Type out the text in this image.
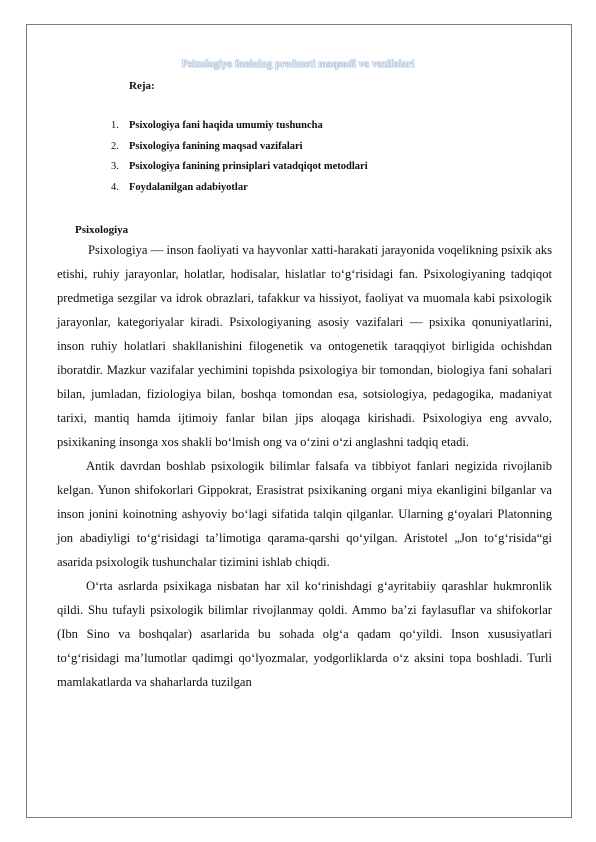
Psixologiya fanining predmeti maqsadi va vazifalari
Reja:
1. Psixologiya fani haqida umumiy tushuncha
2. Psixologiya fanining maqsad vazifalari
3. Psixologiya fanining prinsiplari vatadqiqot metodlari
4. Foydalanilgan adabiyotlar
Psixologiya

Psixologiya — inson faoliyati va hayvonlar xatti-harakati jarayonida voqelikning psixik aks etishi, ruhiy jarayonlar, holatlar, hodisalar, hislatlar to‘g‘risidagi fan. Psixologiyaning tadqiqot predmetiga sezgilar va idrok obrazlari, tafakkur va hissiyot, faoliyat va muomala kabi psixologik jarayonlar, kategoriyalar kiradi. Psixologiyaning asosiy vazifalari — psixika qonuniyatlarini, inson ruhiy holatlari shakllanishini filogenetik va ontogenetik taraqqiyot birligida ochishdan iboratdir. Mazkur vazifalar yechimini topishda psixologiya bir tomondan, biologiya fani sohalari bilan, jumladan, fiziologiya bilan, boshqa tomondan esa, sotsiologiya, pedagogika, madaniyat tarixi, mantiq hamda ijtimoiy fanlar bilan jips aloqaga kirishadi. Psixologiya eng avvalo, psixikaning insonga xos shakli bo‘lmish ong va o‘zini o‘zi anglashni tadqiq etadi.

Antik davrdan boshlab psixologik bilimlar falsafa va tibbiyot fanlari negizida rivojlanib kelgan. Yunon shifokorlari Gippokrat, Erasistrat psixikaning organi miya ekanligini bilganlar va inson jonini koinotning ashyoviy bo‘lagi sifatida talqin qilganlar. Ularning g‘oyalari Platonning jon abadiyligi to‘g‘risidagi ta’limotiga qarama-qarshi qo‘yilgan. Aristotel „Jon to‘g‘risida“gi asarida psixologik tushunchalar tizimini ishlab chiqdi.

O‘rta asrlarda psixikaga nisbatan har xil ko‘rinishdagi g‘ayritabiiy qarashlar hukmronlik qildi. Shu tufayli psixologik bilimlar rivojlanmay qoldi. Ammo ba’zi faylasuflar va shifokorlar (Ibn Sino va boshqalar) asarlarida bu sohada olg‘a qadam qo‘yildi. Inson xususiyatlari to‘g‘risidagi ma’lumotlar qadimgi qo‘lyozmalar, yodgorliklarda o‘z aksini topa boshladi. Turli mamlakatlarda va shaharlarda tuzilgan
